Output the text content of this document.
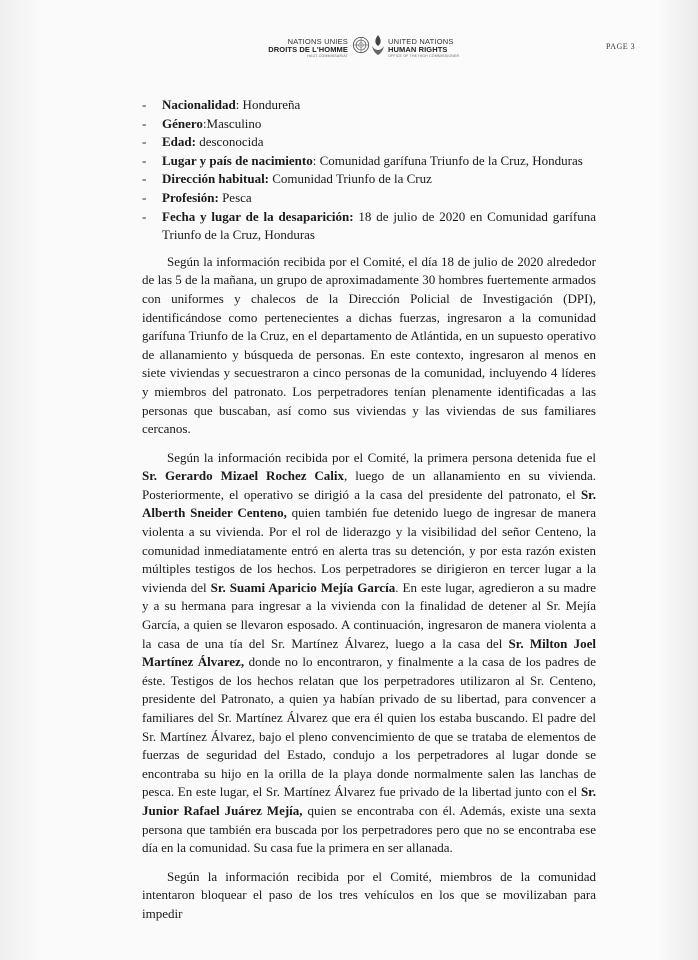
NATIONS UNIES
DROITS DE L'HOMME
HAUT-COMMISSARIAT
UNITED NATIONS
HUMAN RIGHTS
OFFICE OF THE HIGH COMMISSIONER
PAGE 3
- Nacionalidad: Hondureña
- Género:Masculino
- Edad: desconocida
- Lugar y país de nacimiento: Comunidad garífuna Triunfo de la Cruz, Honduras
- Dirección habitual: Comunidad Triunfo de la Cruz
- Profesión: Pesca
- Fecha y lugar de la desaparición: 18 de julio de 2020 en Comunidad garífuna Triunfo de la Cruz, Honduras

Según la información recibida por el Comité, el día 18 de julio de 2020 alrededor de las 5 de la mañana, un grupo de aproximadamente 30 hombres fuertemente armados con uniformes y chalecos de la Dirección Policial de Investigación (DPI), identificándose como pertenecientes a dichas fuerzas, ingresaron a la comunidad garífuna Triunfo de la Cruz, en el departamento de Atlántida, en un supuesto operativo de allanamiento y búsqueda de personas. En este contexto, ingresaron al menos en siete viviendas y secuestraron a cinco personas de la comunidad, incluyendo 4 líderes y miembros del patronato. Los perpetradores tenían plenamente identificadas a las personas que buscaban, así como sus viviendas y las viviendas de sus familiares cercanos.

Según la información recibida por el Comité, la primera persona detenida fue el Sr. Gerardo Mizael Rochez Calix, luego de un allanamiento en su vivienda. Posteriormente, el operativo se dirigió a la casa del presidente del patronato, el Sr. Alberth Sneider Centeno, quien también fue detenido luego de ingresar de manera violenta a su vivienda. Por el rol de liderazgo y la visibilidad del señor Centeno, la comunidad inmediatamente entró en alerta tras su detención, y por esta razón existen múltiples testigos de los hechos. Los perpetradores se dirigieron en tercer lugar a la vivienda del Sr. Suami Aparicio Mejía García. En este lugar, agredieron a su madre y a su hermana para ingresar a la vivienda con la finalidad de detener al Sr. Mejía García, a quien se llevaron esposado. A continuación, ingresaron de manera violenta a la casa de una tía del Sr. Martínez Álvarez, luego a la casa del Sr. Milton Joel Martínez Álvarez, donde no lo encontraron, y finalmente a la casa de los padres de éste. Testigos de los hechos relatan que los perpetradores utilizaron al Sr. Centeno, presidente del Patronato, a quien ya habían privado de su libertad, para convencer a familiares del Sr. Martínez Álvarez que era él quien los estaba buscando. El padre del Sr. Martínez Álvarez, bajo el pleno convencimiento de que se trataba de elementos de fuerzas de seguridad del Estado, condujo a los perpetradores al lugar donde se encontraba su hijo en la orilla de la playa donde normalmente salen las lanchas de pesca. En este lugar, el Sr. Martínez Álvarez fue privado de la libertad junto con el Sr. Junior Rafael Juárez Mejía, quien se encontraba con él. Además, existe una sexta persona que también era buscada por los perpetradores pero que no se encontraba ese día en la comunidad. Su casa fue la primera en ser allanada.

Según la información recibida por el Comité, miembros de la comunidad intentaron bloquear el paso de los tres vehículos en los que se movilizaban para impedir
